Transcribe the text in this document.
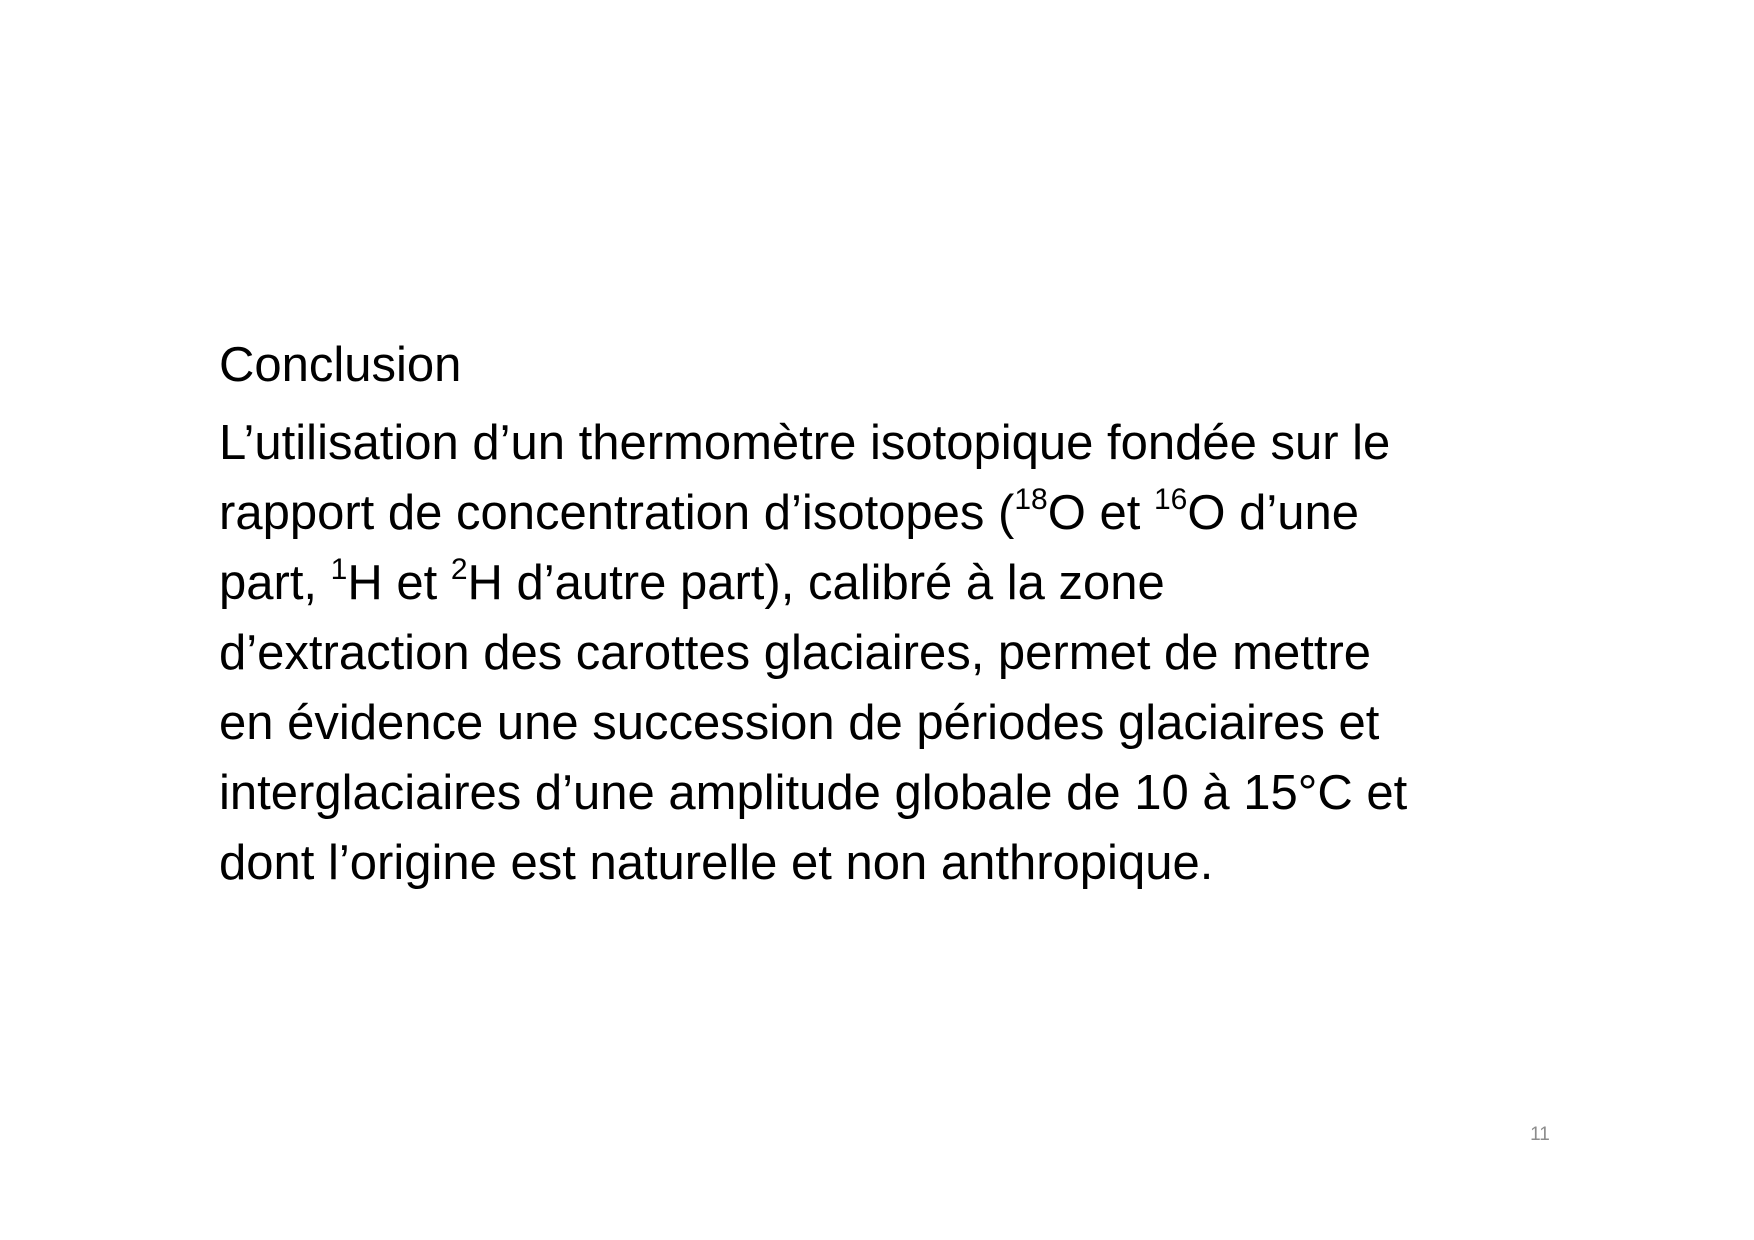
Conclusion
L’utilisation d’un thermomètre isotopique fondée sur le
rapport de concentration d’isotopes ($^{18}$O et $^{16}$O d’une
part, $^1$H et $^2$H d’autre part), calibré à la zone
d’extraction des carottes glaciaires, permet de mettre
en évidence une succession de périodes glaciaires et
interglaciaires d’une amplitude globale de 10 à 15°C et
dont l’origine est naturelle et non anthropique.
11
